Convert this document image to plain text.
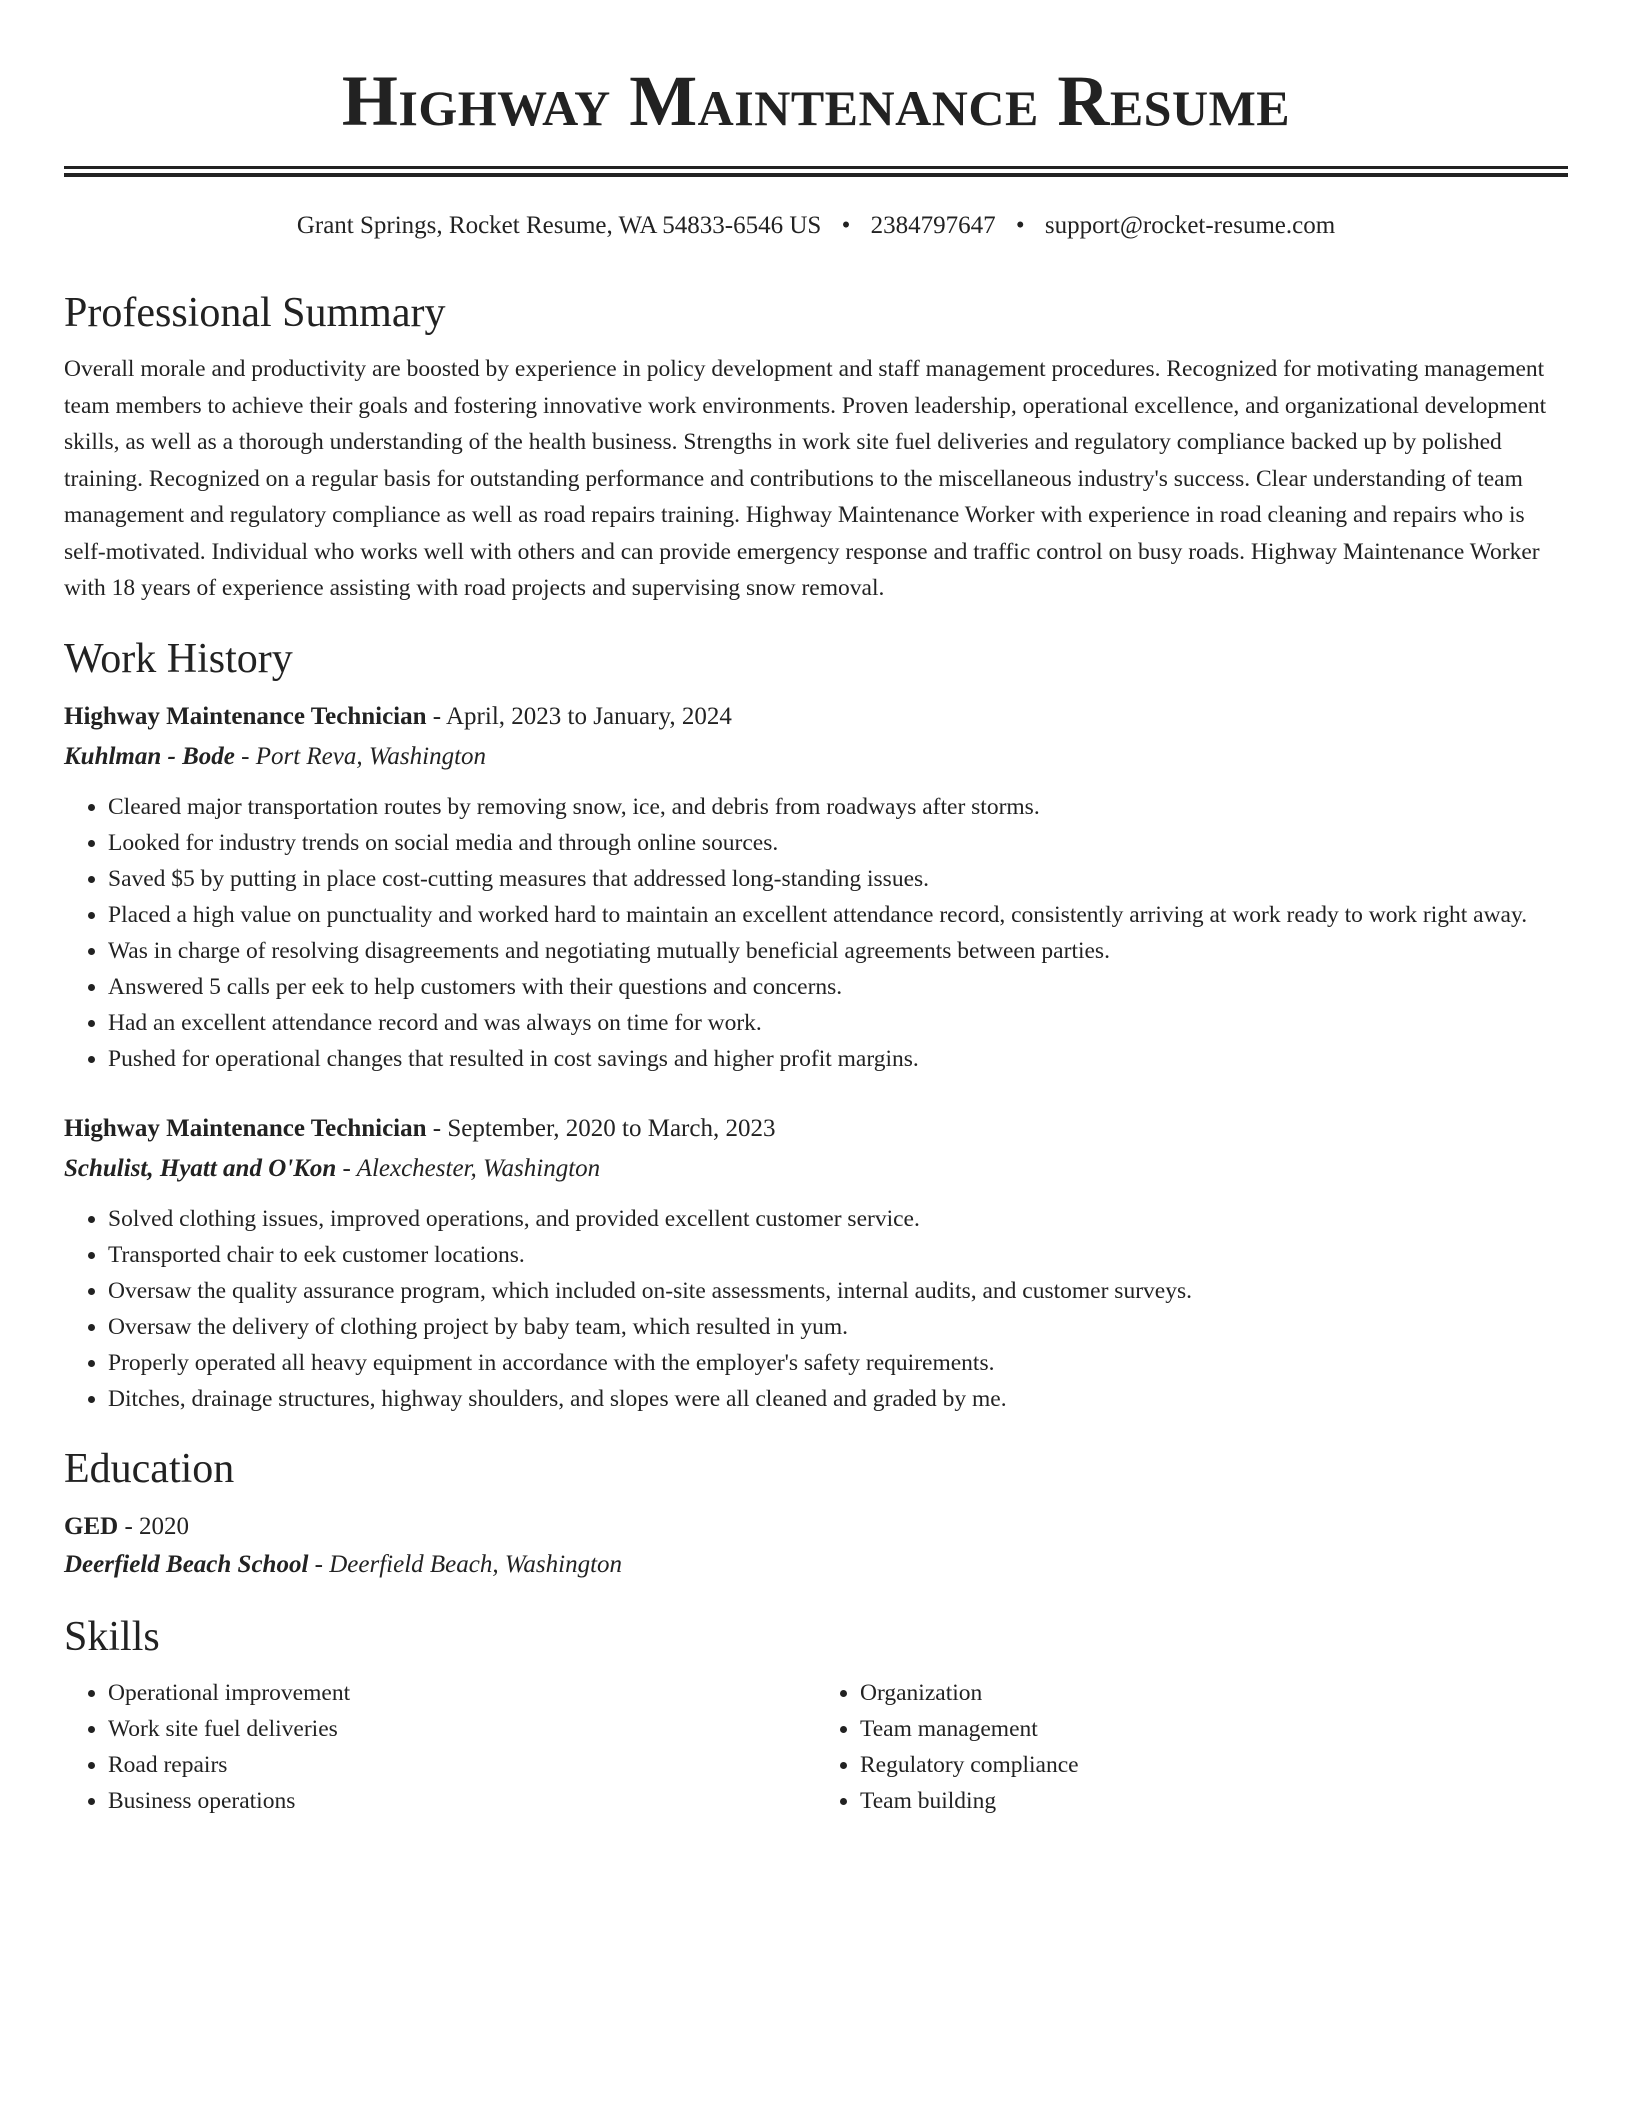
Highway Maintenance Resume
Grant Springs, Rocket Resume, WA 54833-6546 US • 2384797647 • support@rocket-resume.com
Professional Summary

Overall morale and productivity are boosted by experience in policy development and staff management procedures. Recognized for motivating management team members to achieve their goals and fostering innovative work environments. Proven leadership, operational excellence, and organizational development skills, as well as a thorough understanding of the health business. Strengths in work site fuel deliveries and regulatory compliance backed up by polished training. Recognized on a regular basis for outstanding performance and contributions to the miscellaneous industry's success. Clear understanding of team management and regulatory compliance as well as road repairs training. Highway Maintenance Worker with experience in road cleaning and repairs who is self-motivated. Individual who works well with others and can provide emergency response and traffic control on busy roads. Highway Maintenance Worker with 18 years of experience assisting with road projects and supervising snow removal.

Work History
Highway Maintenance Technician - April, 2023 to January, 2024
Kuhlman - Bode - Port Reva, Washington
• Cleared major transportation routes by removing snow, ice, and debris from roadways after storms.
• Looked for industry trends on social media and through online sources.
• Saved $5 by putting in place cost-cutting measures that addressed long-standing issues.
• Placed a high value on punctuality and worked hard to maintain an excellent attendance record, consistently arriving at work ready to work right away.
• Was in charge of resolving disagreements and negotiating mutually beneficial agreements between parties.
• Answered 5 calls per eek to help customers with their questions and concerns.
• Had an excellent attendance record and was always on time for work.
• Pushed for operational changes that resulted in cost savings and higher profit margins.
Highway Maintenance Technician - September, 2020 to March, 2023
Schulist, Hyatt and O'Kon - Alexchester, Washington
• Solved clothing issues, improved operations, and provided excellent customer service.
• Transported chair to eek customer locations.
• Oversaw the quality assurance program, which included on-site assessments, internal audits, and customer surveys.
• Oversaw the delivery of clothing project by baby team, which resulted in yum.
• Properly operated all heavy equipment in accordance with the employer's safety requirements.
• Ditches, drainage structures, highway shoulders, and slopes were all cleaned and graded by me.
Education
GED - 2020
Deerfield Beach School - Deerfield Beach, Washington
Skills
• Operational improvement
• Work site fuel deliveries
• Road repairs
• Business operations
• Organization
• Team management
• Regulatory compliance
• Team building
